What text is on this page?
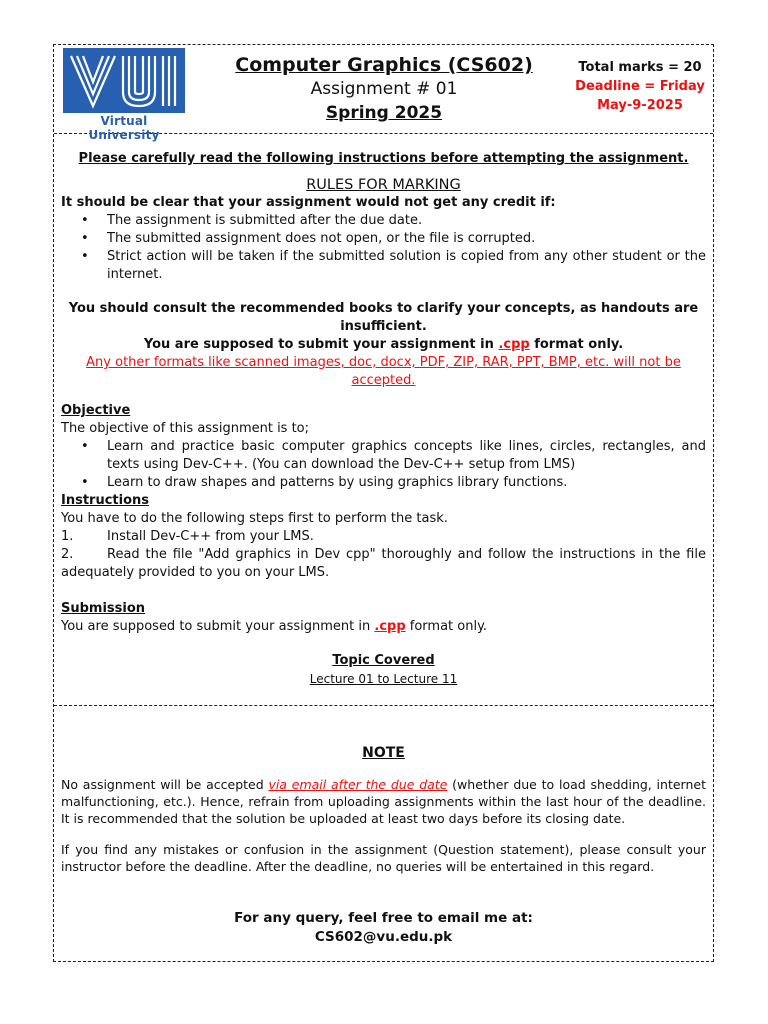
Virtual University
Computer Graphics (CS602)
Assignment # 01
Spring 2025
Total marks = 20
Deadline = Friday
May-9-2025

Please carefully read the following instructions before attempting the assignment.

RULES FOR MARKING

It should be clear that your assignment would not get any credit if:

• The assignment is submitted after the due date.
• The submitted assignment does not open, or the file is corrupted.
• Strict action will be taken if the submitted solution is copied from any other student or the internet.

You should consult the recommended books to clarify your concepts, as handouts are insufficient.

You are supposed to submit your assignment in .cpp format only.

Any other formats like scanned images, doc, docx, PDF, ZIP, RAR, PPT, BMP, etc. will not be accepted.

Objective

The objective of this assignment is to;

• Learn and practice basic computer graphics concepts like lines, circles, rectangles, and texts using Dev-C++. (You can download the Dev-C++ setup from LMS)
• Learn to draw shapes and patterns by using graphics library functions.

Instructions

You have to do the following steps first to perform the task.

1.	Install Dev-C++ from your LMS.

2.	Read the file "Add graphics in Dev cpp" thoroughly and follow the instructions in the file adequately provided to you on your LMS.

Submission

You are supposed to submit your assignment in .cpp format only.

Topic Covered

Lecture 01 to Lecture 11

NOTE

No assignment will be accepted via email after the due date (whether due to load shedding, internet malfunctioning, etc.). Hence, refrain from uploading assignments within the last hour of the deadline. It is recommended that the solution be uploaded at least two days before its closing date.

If you find any mistakes or confusion in the assignment (Question statement), please consult your instructor before the deadline. After the deadline, no queries will be entertained in this regard.

For any query, feel free to email me at:

CS602@vu.edu.pk
